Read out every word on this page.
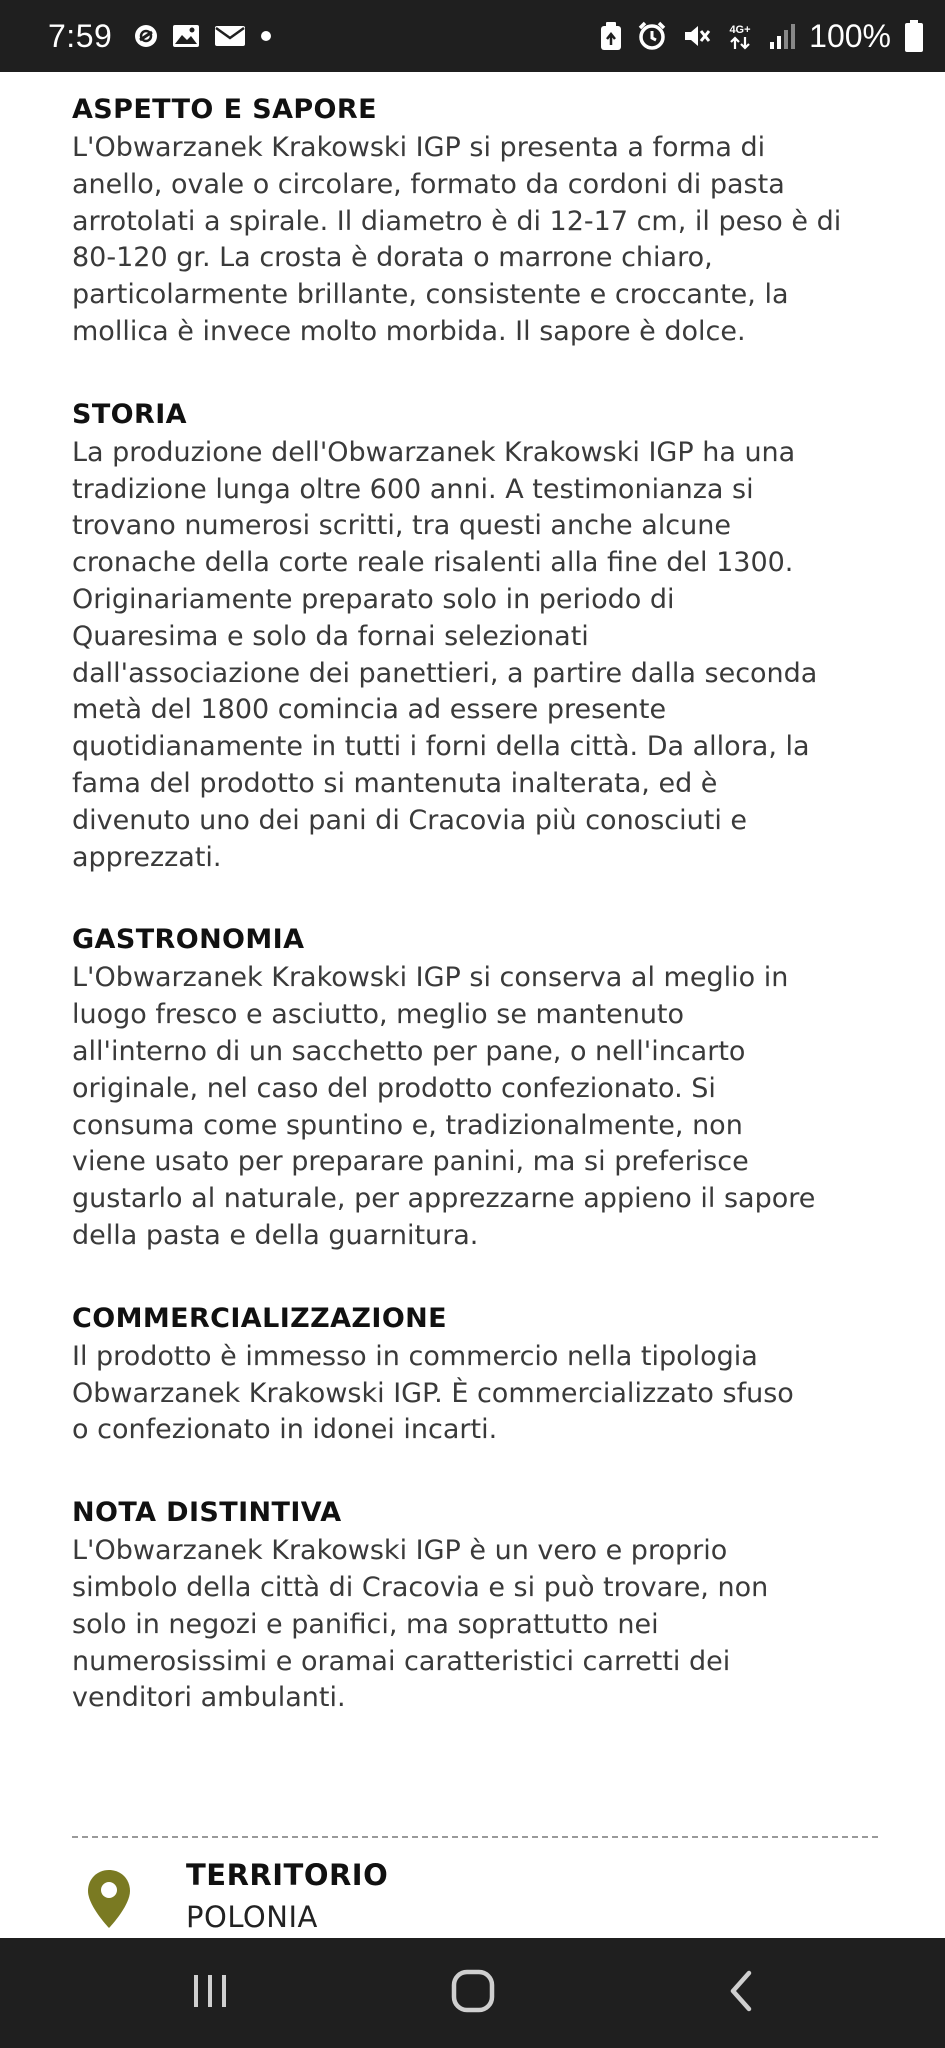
7:59	4G+ 100%
ASPETTO E SAPORE

L'Obwarzanek Krakowski IGP si presenta a forma di
anello, ovale o circolare, formato da cordoni di pasta
arrotolati a spirale. Il diametro è di 12-17 cm, il peso è di
80-120 gr. La crosta è dorata o marrone chiaro,
particolarmente brillante, consistente e croccante, la
mollica è invece molto morbida. Il sapore è dolce.

STORIA

La produzione dell'Obwarzanek Krakowski IGP ha una
tradizione lunga oltre 600 anni. A testimonianza si
trovano numerosi scritti, tra questi anche alcune
cronache della corte reale risalenti alla fine del 1300.
Originariamente preparato solo in periodo di
Quaresima e solo da fornai selezionati
dall'associazione dei panettieri, a partire dalla seconda
metà del 1800 comincia ad essere presente
quotidianamente in tutti i forni della città. Da allora, la
fama del prodotto si mantenuta inalterata, ed è
divenuto uno dei pani di Cracovia più conosciuti e
apprezzati.

GASTRONOMIA

L'Obwarzanek Krakowski IGP si conserva al meglio in
luogo fresco e asciutto, meglio se mantenuto
all'interno di un sacchetto per pane, o nell'incarto
originale, nel caso del prodotto confezionato. Si
consuma come spuntino e, tradizionalmente, non
viene usato per preparare panini, ma si preferisce
gustarlo al naturale, per apprezzarne appieno il sapore
della pasta e della guarnitura.

COMMERCIALIZZAZIONE

Il prodotto è immesso in commercio nella tipologia
Obwarzanek Krakowski IGP. È commercializzato sfuso
o confezionato in idonei incarti.

NOTA DISTINTIVA

L'Obwarzanek Krakowski IGP è un vero e proprio
simbolo della città di Cracovia e si può trovare, non
solo in negozi e panifici, ma soprattutto nei
numerosissimi e oramai caratteristici carretti dei
venditori ambulanti.

TERRITORIO
POLONIA
